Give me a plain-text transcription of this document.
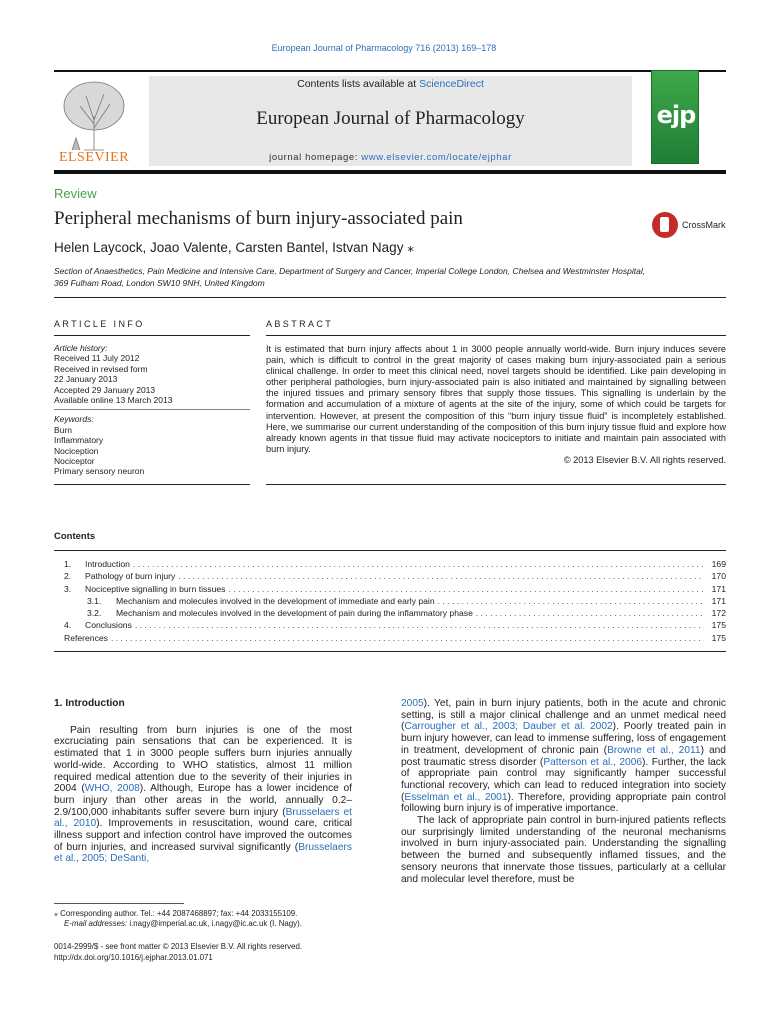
European Journal of Pharmacology 716 (2013) 169–178
ELSEVIER
Contents lists available at ScienceDirect
European Journal of Pharmacology
journal homepage: www.elsevier.com/locate/ejphar
ejp
Review
Peripheral mechanisms of burn injury-associated pain	CrossMark
Helen Laycock, Joao Valente, Carsten Bantel, Istvan Nagy ⁎
Section of Anaesthetics, Pain Medicine and Intensive Care, Department of Surgery and Cancer, Imperial College London, Chelsea and Westminster Hospital,
369 Fulham Road, London SW10 9NH, United Kingdom
ARTICLE INFO	ABSTRACT
Article history:
Received 11 July 2012
Received in revised form
22 January 2013
Accepted 29 January 2013
Available online 13 March 2013
Keywords:
Burn
Inflammatory
Nociception
Nociceptor
Primary sensory neuron
It is estimated that burn injury affects about 1 in 3000 people annually world-wide. Burn injury induces severe pain, which is difficult to control in the great majority of cases making burn injury-associated pain a serious clinical challenge. In order to meet this clinical need, novel targets should be identified. Like pain developing in other peripheral pathologies, burn injury-associated pain is also initiated and maintained by signalling between the injured tissues and primary sensory fibres that supply those tissues. This signalling is underlain by the formation and accumulation of a mixture of agents at the site of the injury, some of which could be targets for intervention. However, at present the composition of this “burn injury tissue fluid” is incompletely established. Here, we summarise our current understanding of the composition of this burn injury tissue fluid and explore how already known agents in that tissue fluid may activate nociceptors to initiate and maintain pain associated with burn injury.
© 2013 Elsevier B.V. All rights reserved.
Contents
1.	Introduction . . .	169
2.	Pathology of burn injury . . .	170
3.	Nociceptive signalling in burn tissues . . .	171
3.1.	Mechanism and molecules involved in the development of immediate and early pain . . .	171
3.2.	Mechanism and molecules involved in the development of pain during the inflammatory phase . . .	172
4.	Conclusions . . .	175
References . . .	175
1. Introduction
Pain resulting from burn injuries is one of the most excruciating pain sensations that can be experienced. It is estimated that 1 in 3000 people suffers burn injuries annually world-wide. According to WHO statistics, almost 11 million required medical attention due to the severity of their injuries in 2004 (WHO, 2008). Although, Europe has a lower incidence of burn injury than other areas in the world, annually 0.2–2.9/100,000 inhabitants suffer severe burn injury (Brusselaers et al., 2010). Improvements in resuscitation, wound care, critical illness support and infection control have improved the outcomes of burn injuries, and increased survival significantly (Brusselaers et al., 2005; DeSanti,
2005). Yet, pain in burn injury patients, both in the acute and chronic setting, is still a major clinical challenge and an unmet medical need (Carrougher et al., 2003; Dauber et al. 2002). Poorly treated pain in burn injury however, can lead to immense suffering, loss of engagement in treatment, development of chronic pain (Browne et al., 2011) and post traumatic stress disorder (Patterson et al., 2006). Further, the lack of appropriate pain control may significantly hamper successful functional recovery, which can lead to reduced integration into society (Esselman et al., 2001). Therefore, providing appropriate pain control following burn injury is of imperative importance.
The lack of appropriate pain control in burn-injured patients reflects our surprisingly limited understanding of the neuronal mechanisms involved in burn injury-associated pain. Understanding the signalling between the burned and subsequently inflamed tissues, and the sensory neurons that innervate those tissues, particularly at a cellular and molecular level therefore, must be
⁎ Corresponding author. Tel.: +44 2087468897; fax: +44 2033155109.
E-mail addresses: i.nagy@imperial.ac.uk, i.nagy@ic.ac.uk (I. Nagy).
0014-2999/$ - see front matter © 2013 Elsevier B.V. All rights reserved.
http://dx.doi.org/10.1016/j.ejphar.2013.01.071
